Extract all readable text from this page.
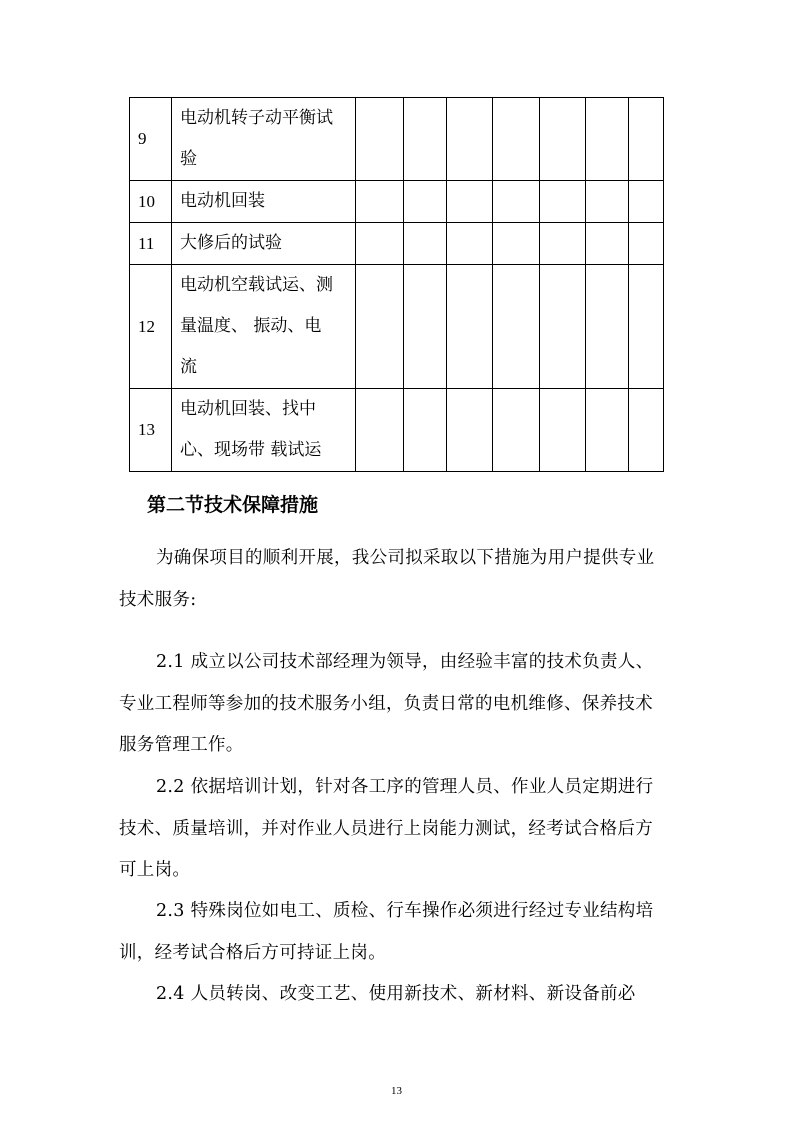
9	电动机转子动平衡试
验							
10	电动机回装							
11	大修后的试验							
12	电动机空载试运、测
量温度、 振动、电
流							
13	电动机回装、找中
心、现场带 载试运							
第二节技术保障措施

为确保项目的顺利开展，我公司拟采取以下措施为用户提供专业技术服务:

2.1 成立以公司技术部经理为领导，由经验丰富的技术负责人、专业工程师等参加的技术服务小组，负责日常的电机维修、保养技术服务管理工作。

2.2 依据培训计划，针对各工序的管理人员、作业人员定期进行技术、质量培训，并对作业人员进行上岗能力测试，经考试合格后方可上岗。

2.3 特殊岗位如电工、质检、行车操作必须进行经过专业结构培训，经考试合格后方可持证上岗。

2.4 人员转岗、改变工艺、使用新技术、新材料、新设备前必

13
